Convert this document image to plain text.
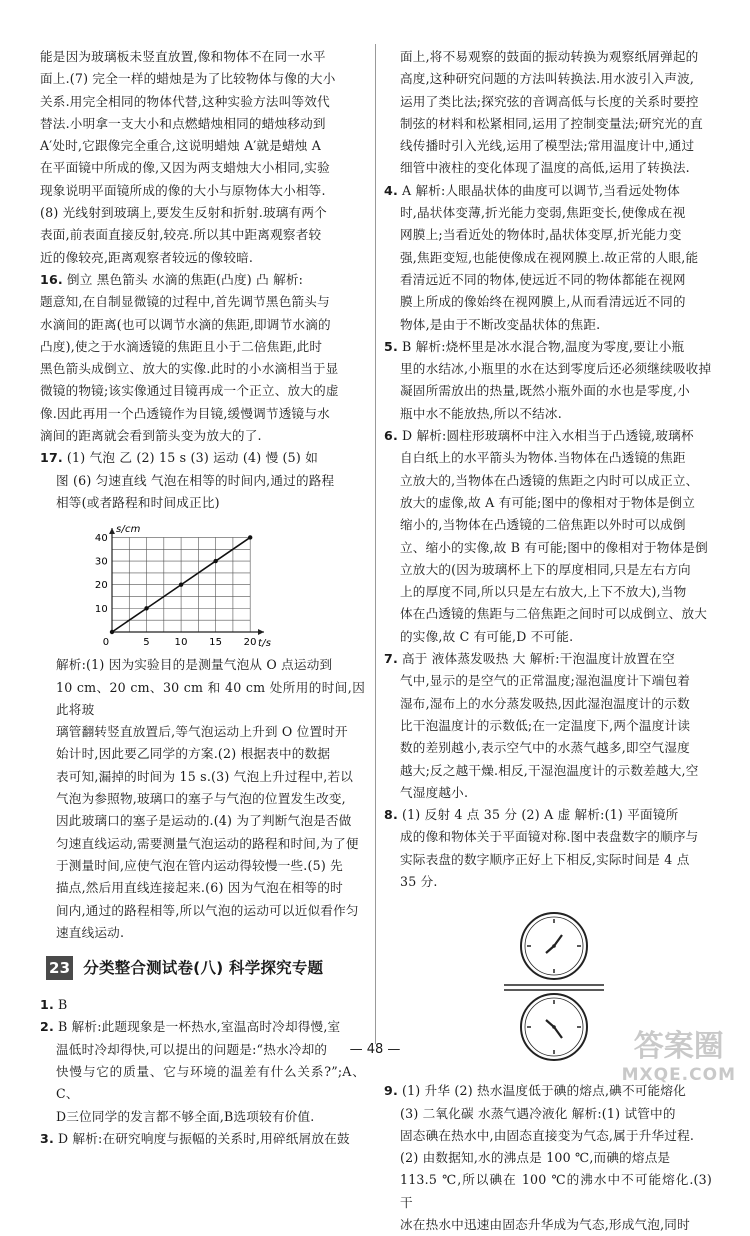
能是因为玻璃板未竖直放置,像和物体不在同一水平

面上.(7) 完全一样的蜡烛是为了比较物体与像的大小

关系.用完全相同的物体代替,这种实验方法叫等效代

替法.小明拿一支大小和点燃蜡烛相同的蜡烛移动到

A′处时,它跟像完全重合,这说明蜡烛 A′就是蜡烛 A

在平面镜中所成的像,又因为两支蜡烛大小相同,实验

现象说明平面镜所成的像的大小与原物体大小相等.

(8) 光线射到玻璃上,要发生反射和折射.玻璃有两个

表面,前表面直接反射,较亮.所以其中距离观察者较

近的像较亮,距离观察者较远的像较暗.

16. 倒立 黑色箭头 水滴的焦距(凸度) 凸 解析:

题意知,在自制显微镜的过程中,首先调节黑色箭头与

水滴间的距离(也可以调节水滴的焦距,即调节水滴的

凸度),使之于水滴透镜的焦距且小于二倍焦距,此时

黑色箭头成倒立、放大的实像.此时的小水滴相当于显

微镜的物镜;该实像通过目镜再成一个正立、放大的虚

像.因此再用一个凸透镜作为目镜,缓慢调节透镜与水

滴间的距离就会看到箭头变为放大的了.

17. (1) 气泡 乙 (2) 15 s (3) 运动 (4) 慢 (5) 如

图 (6) 匀速直线 气泡在相等的时间内,通过的路程

相等(或者路程和时间成正比)

s/cm
t/s
0	5 10 15 20
10
20
30
40

解析:(1) 因为实验目的是测量气泡从 O 点运动到

10 cm、20 cm、30 cm 和 40 cm 处所用的时间,因此将玻

璃管翻转竖直放置后,等气泡运动上升到 O 位置时开

始计时,因此要乙同学的方案.(2) 根据表中的数据

表可知,漏掉的时间为 15 s.(3) 气泡上升过程中,若以

气泡为参照物,玻璃口的塞子与气泡的位置发生改变,

因此玻璃口的塞子是运动的.(4) 为了判断气泡是否做

匀速直线运动,需要测量气泡运动的路程和时间,为了便

于测量时间,应使气泡在管内运动得较慢一些.(5) 先

描点,然后用直线连接起来.(6) 因为气泡在相等的时

间内,通过的路程相等,所以气泡的运动可以近似看作匀

速直线运动.

23 分类整合测试卷(八) 科学探究专题

1. B

2. B 解析:此题现象是一杯热水,室温高时冷却得慢,室

温低时冷却得快,可以提出的问题是:“热水冷却的

快慢与它的质量、它与环境的温差有什么关系?”;A、C、

D三位同学的发言都不够全面,B选项较有价值.

3. D 解析:在研究响度与振幅的关系时,用碎纸屑放在鼓

面上,将不易观察的鼓面的振动转换为观察纸屑弹起的

高度,这种研究问题的方法叫转换法.用水波引入声波,

运用了类比法;探究弦的音调高低与长度的关系时要控

制弦的材料和松紧相同,运用了控制变量法;研究光的直

线传播时引入光线,运用了模型法;常用温度计中,通过

细管中液柱的变化体现了温度的高低,运用了转换法.

4. A 解析:人眼晶状体的曲度可以调节,当看远处物体

时,晶状体变薄,折光能力变弱,焦距变长,使像成在视

网膜上;当看近处的物体时,晶状体变厚,折光能力变

强,焦距变短,也能使像成在视网膜上.故正常的人眼,能

看清远近不同的物体,使远近不同的物体都能在视网

膜上所成的像始终在视网膜上,从而看清远近不同的

物体,是由于不断改变晶状体的焦距.

5. B 解析:烧杯里是冰水混合物,温度为零度,要让小瓶

里的水结冰,小瓶里的水在达到零度后还必须继续吸收掉

凝固所需放出的热量,既然小瓶外面的水也是零度,小

瓶中水不能放热,所以不结冰.

6. D 解析:圆柱形玻璃杯中注入水相当于凸透镜,玻璃杯

自白纸上的水平箭头为物体.当物体在凸透镜的焦距

立放大的,当物体在凸透镜的焦距之内时可以成正立、

放大的虚像,故 A 有可能;图中的像相对于物体是倒立

缩小的,当物体在凸透镜的二倍焦距以外时可以成倒

立、缩小的实像,故 B 有可能;图中的像相对于物体是倒

立放大的(因为玻璃杯上下的厚度相同,只是左右方向

上的厚度不同,所以只是左右放大,上下不放大),当物

体在凸透镜的焦距与二倍焦距之间时可以成倒立、放大

的实像,故 C 有可能,D 不可能.

7. 高于 液体蒸发吸热 大 解析:干泡温度计放置在空

气中,显示的是空气的正常温度;湿泡温度计下端包着

湿布,湿布上的水分蒸发吸热,因此湿泡温度计的示数

比干泡温度计的示数低;在一定温度下,两个温度计读

数的差别越小,表示空气中的水蒸气越多,即空气湿度

越大;反之越干燥.相反,干湿泡温度计的示数差越大,空

气湿度越小.

8. (1) 反射 4 点 35 分 (2) A 虚 解析:(1) 平面镜所

成的像和物体关于平面镜对称.图中表盘数字的顺序与

实际表盘的数字顺序正好上下相反,实际时间是 4 点

35 分.

9. (1) 升华 (2) 热水温度低于碘的熔点,碘不可能熔化

(3) 二氧化碳 水蒸气遇冷液化 解析:(1) 试管中的

固态碘在热水中,由固态直接变为气态,属于升华过程.

(2) 由数据知,水的沸点是 100 ℃,而碘的熔点是

113.5 ℃,所以碘在 100 ℃的沸水中不可能熔化.(3) 干

冰在热水中迅速由固态升华成为气态,形成气泡,同时

— 48 —	答案圈
MXQE.COM
